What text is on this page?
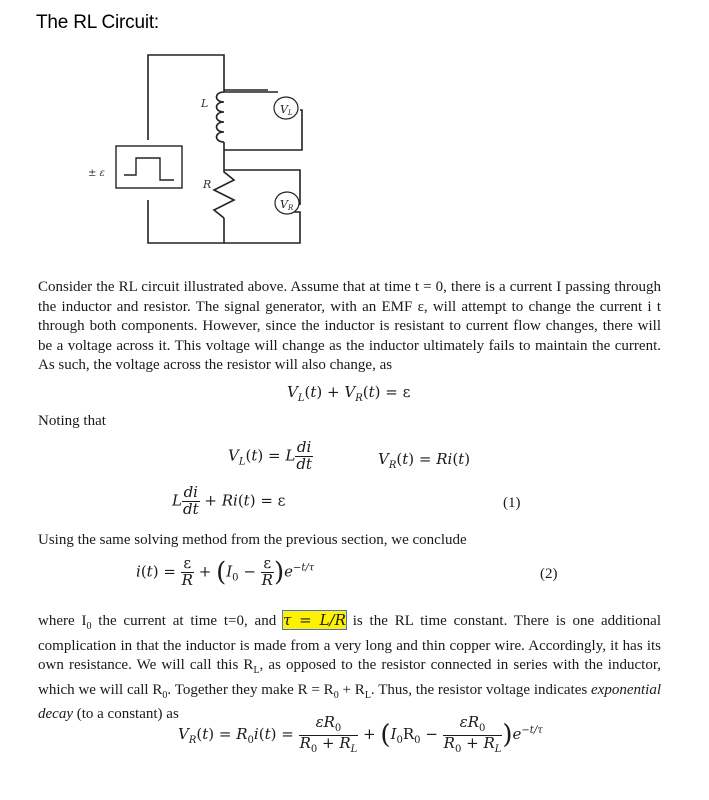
The RL Circuit:
VL
VR
L
R
± ε
Consider the RL circuit illustrated above. Assume that at time t = 0, there is a current I passing through the inductor and resistor. The signal generator, with an EMF ε, will attempt to change the current i t through both components. However, since the inductor is resistant to current flow changes, there will be a voltage across it. This voltage will change as the inductor ultimately fails to maintain the current. As such, the voltage across the resistor will also change, as
$V_L(t) + V_R(t) = \varepsilon$
Noting that
$V_L(t) = L \frac{di}{dt}$	$V_R(t) = Ri(t)$
L $\frac{di}{dt} + Ri(t) = \varepsilon$	(1)
Using the same solving method from the previous section, we conclude
$i(t) = \frac{\varepsilon}{R} + (I_0 - \frac{\varepsilon}{R} )e^{-t/\tau}$	(2)
where $I_0$ the current at time t=0, and τ = L/R is the RL time constant. There is one additional complication in that the inductor is made from a very long and thin copper wire. Accordingly, it has its own resistance. We will call this $R_L$, as opposed to the resistor connected in series with the inductor, which we will call $R_0$. Together they make $R = R_0 + R_L$. Thus, the resistor voltage indicates exponential decay (to a constant) as
$V_R(t) = R_0i(t) = \frac{\varepsilon R_0}{R_0 + R_L} + (I_0R_0 - \frac{\varepsilon R_0}{R_0 + R_L} )e^{-t/\tau}$
